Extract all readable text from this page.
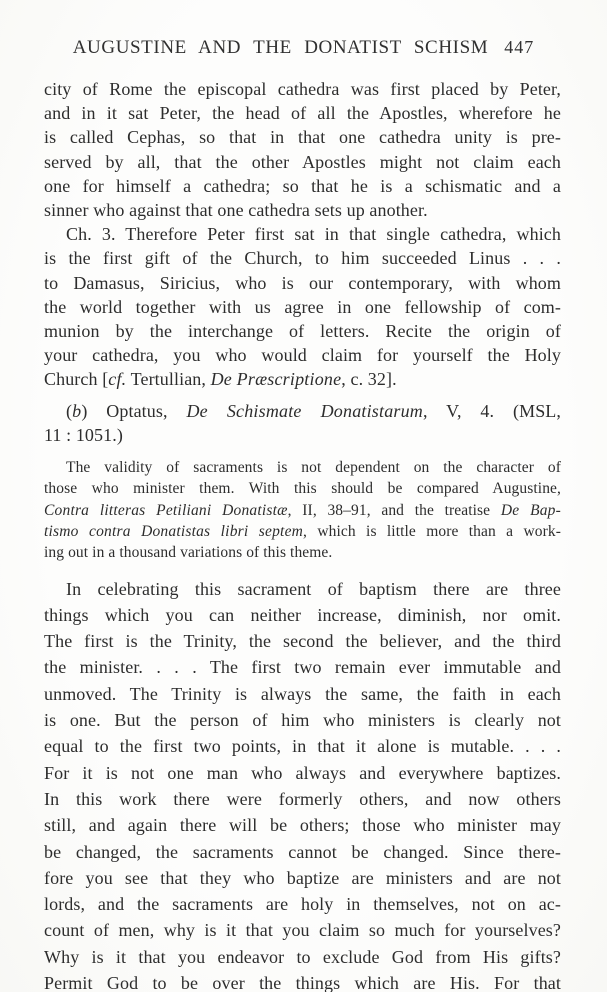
AUGUSTINE AND THE DONATIST SCHISM 447
city of Rome the episcopal cathedra was first placed by Peter,
and in it sat Peter, the head of all the Apostles, wherefore he
is called Cephas, so that in that one cathedra unity is pre-
served by all, that the other Apostles might not claim each
one for himself a cathedra; so that he is a schismatic and a
sinner who against that one cathedra sets up another.
Ch. 3. Therefore Peter first sat in that single cathedra, which
is the first gift of the Church, to him succeeded Linus . . .
to Damasus, Siricius, who is our contemporary, with whom
the world together with us agree in one fellowship of com-
munion by the interchange of letters. Recite the origin of
your cathedra, you who would claim for yourself the Holy
Church [cf. Tertullian, De Præscriptione, c. 32].
(b) Optatus, De Schismate Donatistarum, V, 4. (MSL,
11 : 1051.)
The validity of sacraments is not dependent on the character of
those who minister them. With this should be compared Augustine,
Contra litteras Petiliani Donatistæ, II, 38–91, and the treatise De Bap-
tismo contra Donatistas libri septem, which is little more than a work-
ing out in a thousand variations of this theme.
In celebrating this sacrament of baptism there are three
things which you can neither increase, diminish, nor omit.
The first is the Trinity, the second the believer, and the third
the minister. . . . The first two remain ever immutable and
unmoved. The Trinity is always the same, the faith in each
is one. But the person of him who ministers is clearly not
equal to the first two points, in that it alone is mutable. . . .
For it is not one man who always and everywhere baptizes.
In this work there were formerly others, and now others
still, and again there will be others; those who minister may
be changed, the sacraments cannot be changed. Since there-
fore you see that they who baptize are ministers and are not
lords, and the sacraments are holy in themselves, not on ac-
count of men, why is it that you claim so much for yourselves?
Why is it that you endeavor to exclude God from His gifts?
Permit God to be over the things which are His. For that
